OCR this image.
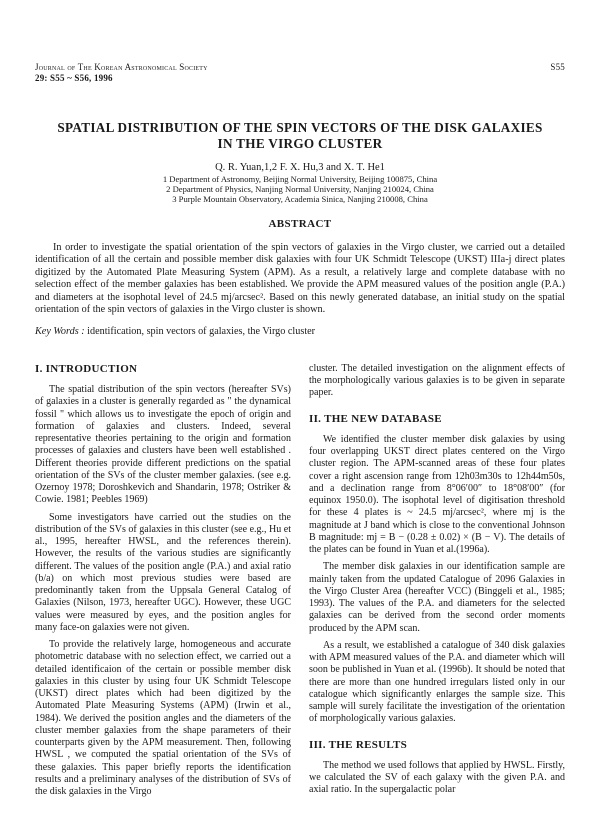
Journal of The Korean Astronomical Society
29: S55 ~ S56, 1996
S55
SPATIAL DISTRIBUTION OF THE SPIN VECTORS OF THE DISK GALAXIES
IN THE VIRGO CLUSTER
Q. R. Yuan,1,2 F. X. Hu,3 and X. T. He1
1 Department of Astronomy, Beijing Normal University, Beijing 100875, China
2 Department of Physics, Nanjing Normal University, Nanjing 210024, China
3 Purple Mountain Observatory, Academia Sinica, Nanjing 210008, China
ABSTRACT

In order to investigate the spatial orientation of the spin vectors of galaxies in the Virgo cluster, we carried out a detailed identification of all the certain and possible member disk galaxies with four UK Schmidt Telescope (UKST) IIIa-j direct plates digitized by the Automated Plate Measuring System (APM). As a result, a relatively large and complete database with no selection effect of the member galaxies has been established. We provide the APM measured values of the position angle (P.A.) and diameters at the isophotal level of 24.5 mj/arcsec². Based on this newly generated database, an initial study on the spatial orientation of the spin vectors of galaxies in the Virgo cluster is shown.

Key Words : identification, spin vectors of galaxies, the Virgo cluster
I. INTRODUCTION

The spatial distribution of the spin vectors (hereafter SVs) of galaxies in a cluster is generally regarded as " the dynamical fossil " which allows us to investigate the epoch of origin and formation of galaxies and clusters. Indeed, several representative theories pertaining to the origin and formation processes of galaxies and clusters have been well established . Different theories provide different predictions on the spatial orientation of the SVs of the cluster member galaxies. (see e.g. Ozernoy 1978; Doroshkevich and Shandarin, 1978; Ostriker & Cowie. 1981; Peebles 1969)

Some investigators have carried out the studies on the distribution of the SVs of galaxies in this cluster (see e.g., Hu et al., 1995, hereafter HWSL, and the references therein). However, the results of the various studies are significantly different. The values of the position angle (P.A.) and axial ratio (b/a) on which most previous studies were based are predominantly taken from the Uppsala General Catalog of Galaxies (Nilson, 1973, hereafter UGC). However, these UGC values were measured by eyes, and the position angles for many face-on galaxies were not given.

To provide the relatively large, homogeneous and accurate photometric database with no selection effect, we carried out a detailed identificaion of the certain or possible member disk galaxies in this cluster by using four UK Schmidt Telescope (UKST) direct plates which had been digitized by the Automated Plate Measuring Systems (APM) (Irwin et al., 1984). We derived the position angles and the diameters of the cluster member galaxies from the shape parameters of their counterparts given by the APM measurement. Then, following HWSL , we computed the spatial orientation of the SVs of these galaxies. This paper briefly reports the identification results and a preliminary analyses of the distribution of SVs of the disk galaxies in the Virgo

cluster. The detailed investigation on the alignment effects of the morphologically various galaxies is to be given in separate paper.

II. THE NEW DATABASE

We identified the cluster member disk galaxies by using four overlapping UKST direct plates centered on the Virgo cluster region. The APM-scanned areas of these four plates cover a right ascension range from 12h03m30s to 12h44m50s, and a declination range from 8°06′00″ to 18°08′00″ (for equinox 1950.0). The isophotal level of digitisation threshold for these 4 plates is ~ 24.5 mj/arcsec², where mj is the magnitude at J band which is close to the conventional Johnson B magnitude: mj = B − (0.28 ± 0.02) × (B − V). The details of the plates can be found in Yuan et al.(1996a).

The member disk galaxies in our identification sample are mainly taken from the updated Catalogue of 2096 Galaxies in the Virgo Cluster Area (hereafter VCC) (Binggeli et al., 1985; 1993). The values of the P.A. and diameters for the selected galaxies can be derived from the second order moments produced by the APM scan.

As a result, we established a catalogue of 340 disk galaxies with APM measured values of the P.A. and diameter which will soon be published in Yuan et al. (1996b). It should be noted that there are more than one hundred irregulars listed only in our catalogue which significantly enlarges the sample size. This sample will surely facilitate the investigation of the orientation of morphologically various galaxies.

III. THE RESULTS

The method we used follows that applied by HWSL. Firstly, we calculated the SV of each galaxy with the given P.A. and axial ratio. In the supergalactic polar
